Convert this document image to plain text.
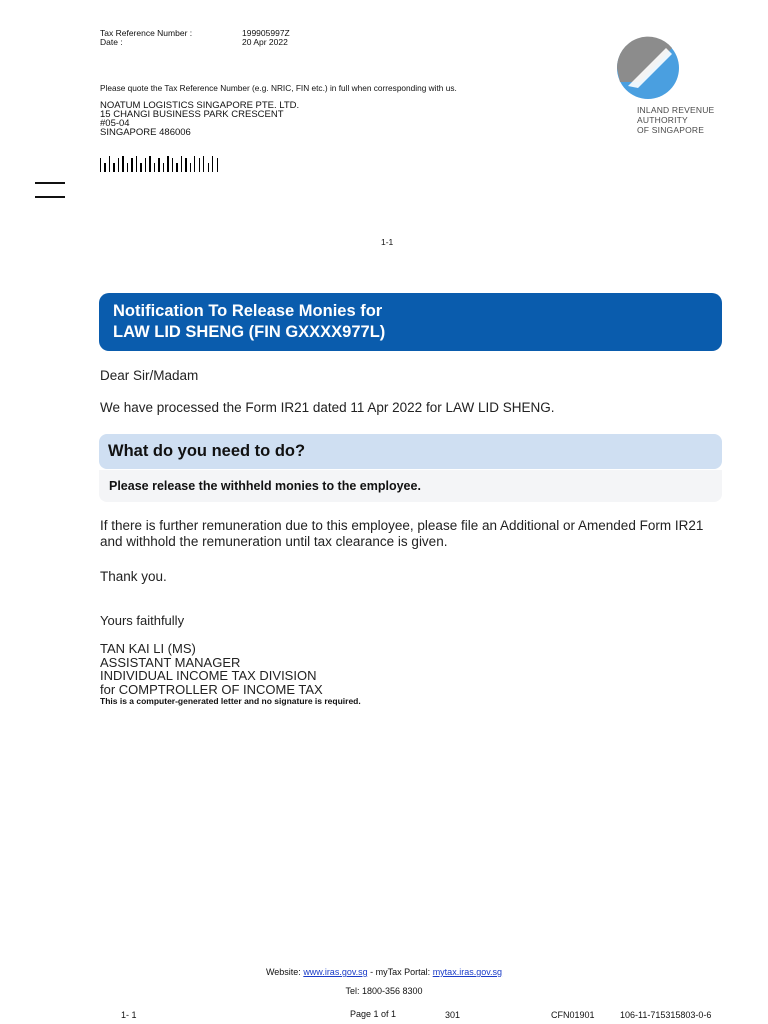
Tax Reference Number :	199905997Z
Date :	20 Apr 2022
Please quote the Tax Reference Number (e.g. NRIC, FIN etc.) in full when corresponding with us.
NOATUM LOGISTICS SINGAPORE PTE. LTD.
15 CHANGI BUSINESS PARK CRESCENT
#05-04
SINGAPORE 486006
INLAND REVENUE
AUTHORITY
OF SINGAPORE
1-1
Notification To Release Monies for
LAW LID SHENG (FIN GXXXX977L)
Dear Sir/Madam
We have processed the Form IR21 dated 11 Apr 2022 for LAW LID SHENG.
What do you need to do?
Please release the withheld monies to the employee.
If there is further remuneration due to this employee, please file an Additional or Amended Form IR21
and withhold the remuneration until tax clearance is given.
Thank you.
Yours faithfully
TAN KAI LI (MS)
ASSISTANT MANAGER
INDIVIDUAL INCOME TAX DIVISION
for COMPTROLLER OF INCOME TAX
This is a computer-generated letter and no signature is required.
Website: www.iras.gov.sg - myTax Portal: mytax.iras.gov.sg
Tel: 1800-356 8300
1- 1	Page 1 of 1	301	CFN01901	106-11-715315803-0-6
